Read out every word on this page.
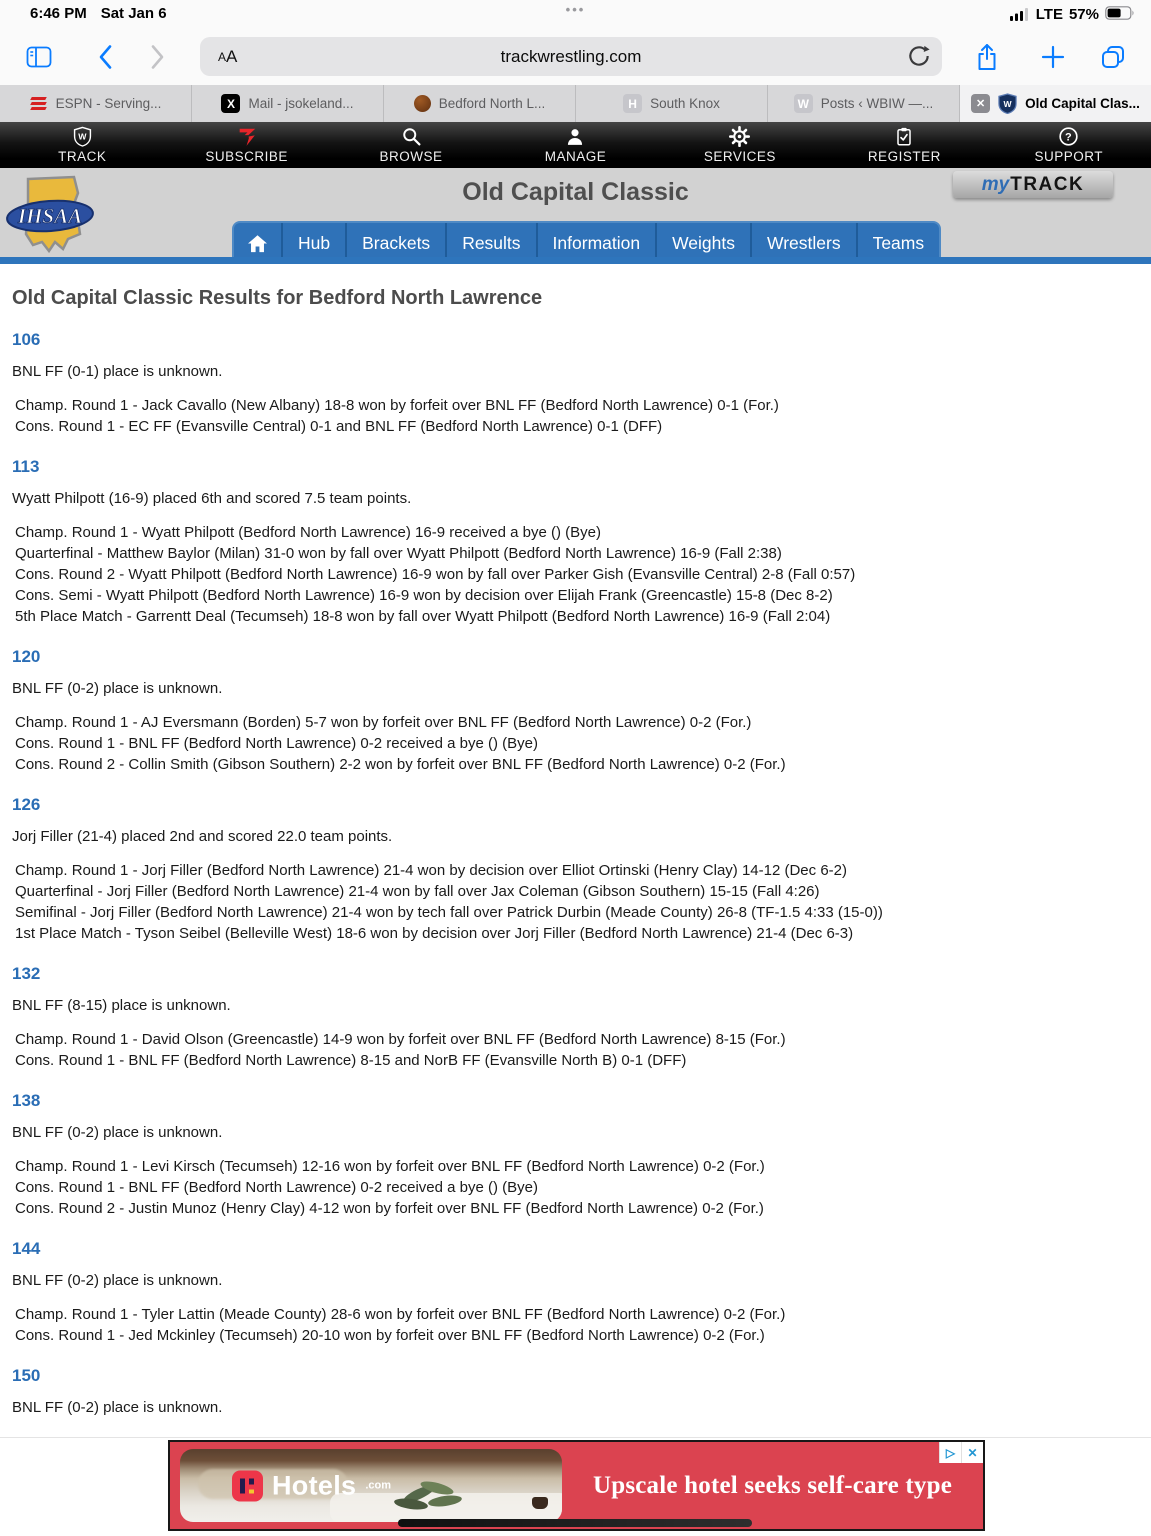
6:46 PM Sat Jan 6	•••	LTE 57%
A A	trackwrestling.com
ESPN - Serving...	X	Mail - jsokeland...	Bedford North L...	H South Knox	W Posts ‹ WBIW —...	✕	W Old Capital Clas...
W
TRACK	SUBSCRIBE	BROWSE	MANAGE	SERVICES	REGISTER
?
SUPPORT
IHSAA
Old Capital Classic	my TRACK
Hub	Brackets	Results	Information	Weights	Wrestlers	Teams
Old Capital Classic Results for Bedford North Lawrence
106

BNL FF (0-1) place is unknown.

Champ. Round 1 - Jack Cavallo (New Albany) 18-8 won by forfeit over BNL FF (Bedford North Lawrence) 0-1 (For.)
Cons. Round 1 - EC FF (Evansville Central) 0-1 and BNL FF (Bedford North Lawrence) 0-1 (DFF)
113

Wyatt Philpott (16-9) placed 6th and scored 7.5 team points.

Champ. Round 1 - Wyatt Philpott (Bedford North Lawrence) 16-9 received a bye () (Bye)
Quarterfinal - Matthew Baylor (Milan) 31-0 won by fall over Wyatt Philpott (Bedford North Lawrence) 16-9 (Fall 2:38)
Cons. Round 2 - Wyatt Philpott (Bedford North Lawrence) 16-9 won by fall over Parker Gish (Evansville Central) 2-8 (Fall 0:57)
Cons. Semi - Wyatt Philpott (Bedford North Lawrence) 16-9 won by decision over Elijah Frank (Greencastle) 15-8 (Dec 8-2)
5th Place Match - Garrentt Deal (Tecumseh) 18-8 won by fall over Wyatt Philpott (Bedford North Lawrence) 16-9 (Fall 2:04)
120

BNL FF (0-2) place is unknown.

Champ. Round 1 - AJ Eversmann (Borden) 5-7 won by forfeit over BNL FF (Bedford North Lawrence) 0-2 (For.)
Cons. Round 1 - BNL FF (Bedford North Lawrence) 0-2 received a bye () (Bye)
Cons. Round 2 - Collin Smith (Gibson Southern) 2-2 won by forfeit over BNL FF (Bedford North Lawrence) 0-2 (For.)
126

Jorj Filler (21-4) placed 2nd and scored 22.0 team points.

Champ. Round 1 - Jorj Filler (Bedford North Lawrence) 21-4 won by decision over Elliot Ortinski (Henry Clay) 14-12 (Dec 6-2)
Quarterfinal - Jorj Filler (Bedford North Lawrence) 21-4 won by fall over Jax Coleman (Gibson Southern) 15-15 (Fall 4:26)
Semifinal - Jorj Filler (Bedford North Lawrence) 21-4 won by tech fall over Patrick Durbin (Meade County) 26-8 (TF-1.5 4:33 (15-0))
1st Place Match - Tyson Seibel (Belleville West) 18-6 won by decision over Jorj Filler (Bedford North Lawrence) 21-4 (Dec 6-3)
132

BNL FF (8-15) place is unknown.

Champ. Round 1 - David Olson (Greencastle) 14-9 won by forfeit over BNL FF (Bedford North Lawrence) 8-15 (For.)
Cons. Round 1 - BNL FF (Bedford North Lawrence) 8-15 and NorB FF (Evansville North B) 0-1 (DFF)
138

BNL FF (0-2) place is unknown.

Champ. Round 1 - Levi Kirsch (Tecumseh) 12-16 won by forfeit over BNL FF (Bedford North Lawrence) 0-2 (For.)
Cons. Round 1 - BNL FF (Bedford North Lawrence) 0-2 received a bye () (Bye)
Cons. Round 2 - Justin Munoz (Henry Clay) 4-12 won by forfeit over BNL FF (Bedford North Lawrence) 0-2 (For.)
144

BNL FF (0-2) place is unknown.

Champ. Round 1 - Tyler Lattin (Meade County) 28-6 won by forfeit over BNL FF (Bedford North Lawrence) 0-2 (For.)
Cons. Round 1 - Jed Mckinley (Tecumseh) 20-10 won by forfeit over BNL FF (Bedford North Lawrence) 0-2 (For.)
150

BNL FF (0-2) place is unknown.

Hotels .com	Upscale hotel seeks self-care type
▷	✕
